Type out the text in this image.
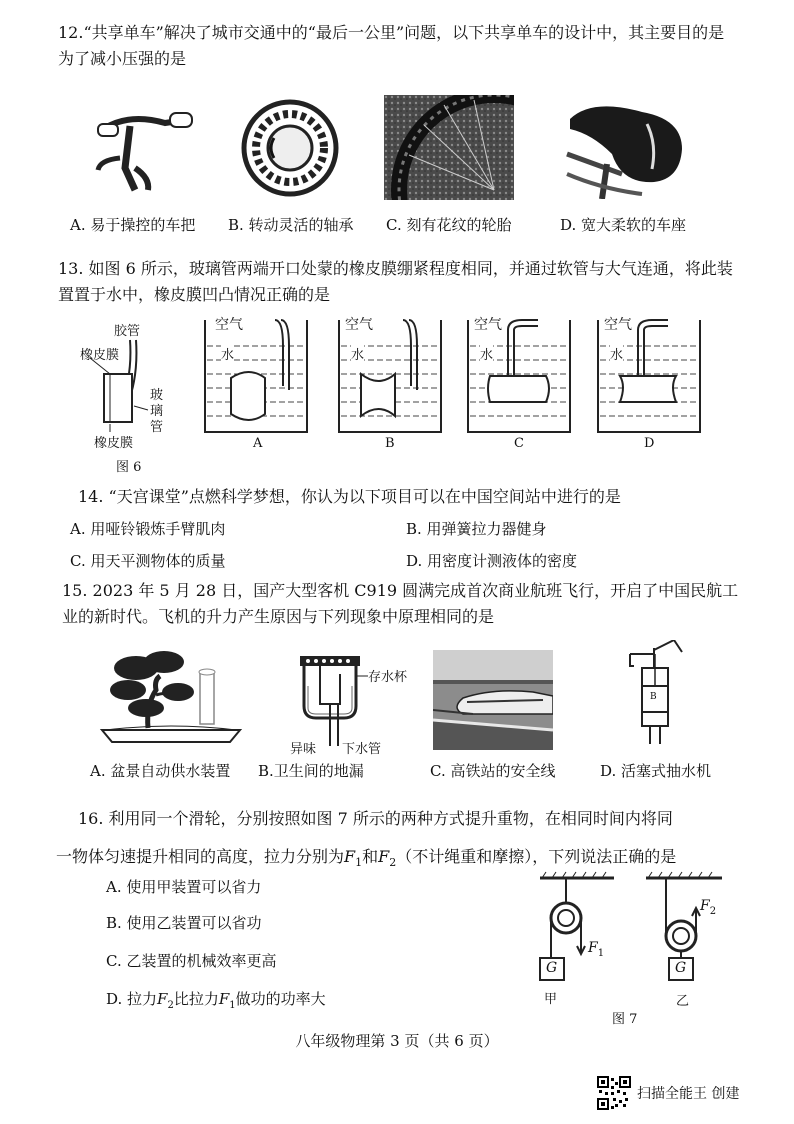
12.“共享单车”解决了城市交通中的“最后一公里”问题，以下共享单车的设计中，其主要目的是为了减小压强的是
A. 易于操控的车把 B. 转动灵活的轴承 C. 刻有花纹的轮胎	D. 宽大柔软的车座
13. 如图 6 所示，玻璃管两端开口处蒙的橡皮膜绷紧程度相同，并通过软管与大气连通，将此装置置于水中，橡皮膜凹凸情况正确的是
胶管
橡皮膜
玻璃管
橡皮膜
图 6
空气
水
A
空气
水
B
空气
水
C
空气
水
D
14. “天宫课堂”点燃科学梦想，你认为以下项目可以在中国空间站中进行的是
A. 用哑铃锻炼手臂肌肉	B. 用弹簧拉力器健身
C. 用天平测物体的质量	D. 用密度计测液体的密度
15. 2023 年 5 月 28 日，国产大型客机 C919 圆满完成首次商业航班飞行，开启了中国民航工业的新时代。飞机的升力产生原因与下列现象中原理相同的是
存水杯
异味 下水管
B
A. 盆景自动供水装置 B.卫生间的地漏	C. 高铁站的安全线	D. 活塞式抽水机
16. 利用同一个滑轮，分别按照如图 7 所示的两种方式提升重物，在相同时间内将同
一物体匀速提升相同的高度，拉力分别为$F_1$和$F_2$（不计绳重和摩擦），下列说法正确的是
A. 使用甲装置可以省力
B. 使用乙装置可以省功
C. 乙装置的机械效率更高
D. 拉力$F_2$比拉力$F_1$做功的功率大
G	G
$F_1$
$F_2$
甲	乙
图 7
八年级物理第 3 页（共 6 页）
扫描全能王 创建
